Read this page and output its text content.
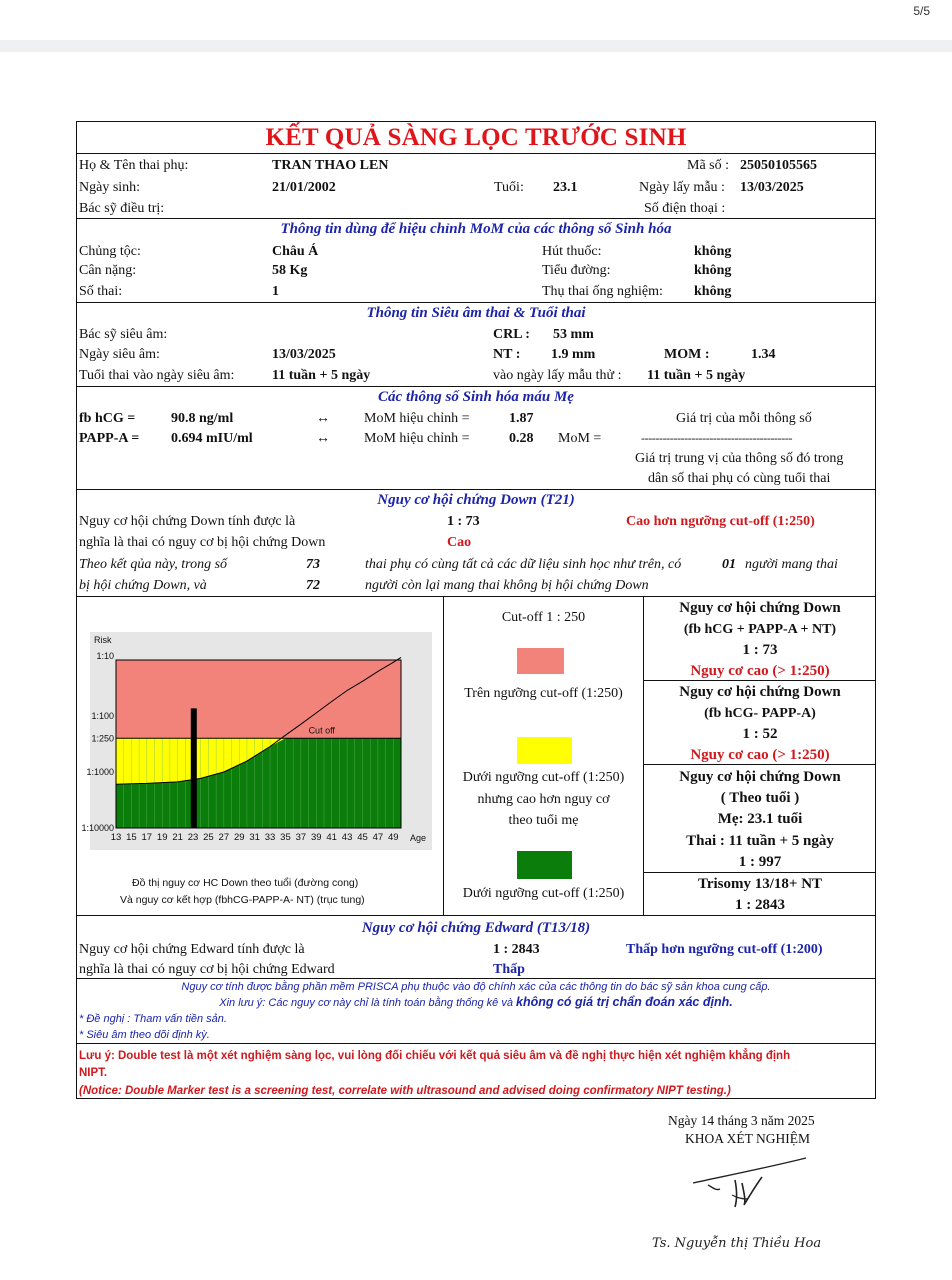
5/5
KẾT QUẢ SÀNG LỌC TRƯỚC SINH
Họ & Tên thai phụ:	TRAN THAO LEN	Mã số : 25050105565
Ngày sinh:	21/01/2002	Tuổi: 23.1	Ngày lấy mẫu : 13/03/2025
Bác sỹ điều trị:	Số điện thoại :
Thông tin dùng để hiệu chỉnh MoM của các thông số Sinh hóa
Chủng tộc:	Châu Á	Hút thuốc:	không
Cân nặng:	58 Kg	Tiểu đường:	không
Số thai:	1	Thụ thai ống nghiệm: không
Thông tin Siêu âm thai & Tuổi thai
Bác sỹ siêu âm:	CRL : 53 mm
Ngày siêu âm:	13/03/2025	NT : 1.9 mm	MOM :	1.34
Tuổi thai vào ngày siêu âm:	11 tuần + 5 ngày	vào ngày lấy mẫu thử : 11 tuần + 5 ngày
Các thông số Sinh hóa máu Mẹ
fb hCG =	90.8 ng/ml	↔ MoM hiệu chỉnh =	1.87	Giá trị của mỗi thông số
PAPP-A = 0.694 mIU/ml	↔ MoM hiệu chỉnh =	0.28 MoM =	------------------------------------------
Giá trị trung vị của thông số đó trong
dân số thai phụ có cùng tuổi thai
Nguy cơ hội chứng Down (T21)
Nguy cơ hội chứng Down tính được là	1 : 73	Cao hơn ngưỡng cut-off (1:250)
nghĩa là thai có nguy cơ bị hội chứng Down	Cao
Theo kết qủa này, trong số	73	thai phụ có cùng tất cả các dữ liệu sinh học như trên, có	01 người mang thai
bị hội chứng Down, và	72	người còn lại mang thai không bị hội chứng Down
Risk
1:10
1:100
1:250
1:1000
1:10000
13 15 17 19 21 23 25 27 29 31 33 35 37 39 41 43 45 47 49 Age
Cut off
Đồ thị nguy cơ HC Down theo tuổi (đường cong)
Và nguy cơ kết hợp (fbhCG-PAPP-A- NT) (trục tung)
Cut-off 1 : 250
Trên ngưỡng cut-off (1:250)
Dưới ngưỡng cut-off (1:250)
nhưng cao hơn nguy cơ
theo tuổi mẹ
Dưới ngưỡng cut-off (1:250)
Nguy cơ hội chứng Down
(fb hCG + PAPP-A + NT)
1 : 73
Nguy cơ cao (> 1:250)
Nguy cơ hội chứng Down
(fb hCG- PAPP-A)
1 : 52
Nguy cơ cao (> 1:250)
Nguy cơ hội chứng Down
( Theo tuổi )
Mẹ: 23.1 tuổi
Thai : 11 tuần + 5 ngày
1 : 997
Trisomy 13/18+ NT
1 : 2843
Nguy cơ hội chứng Edward (T13/18)
Nguy cơ hội chứng Edward tính được là	1 : 2843	Thấp hơn ngưỡng cut-off (1:200)
nghĩa là thai có nguy cơ bị hội chứng Edward	Thấp
Nguy cơ tính được bằng phần mềm PRISCA phụ thuộc vào độ chính xác của các thông tin do bác sỹ sản khoa cung cấp.
Xin lưu ý: Các nguy cơ này chỉ là tính toán bằng thống kê và không có giá trị chẩn đoán xác định.
* Đề nghị : Tham vấn tiền sản.
* Siêu âm theo dõi định kỳ.
Lưu ý: Double test là một xét nghiệm sàng lọc, vui lòng đối chiếu với kết quả siêu âm và đề nghị thực hiện xét nghiệm khẳng định
NIPT.
(Notice: Double Marker test is a screening test, correlate with ultrasound and advised doing confirmatory NIPT testing.)
Ngày 14 tháng 3 năm 2025
KHOA XÉT NGHIỆM
Ts. Nguyễn thị Thiều Hoa
